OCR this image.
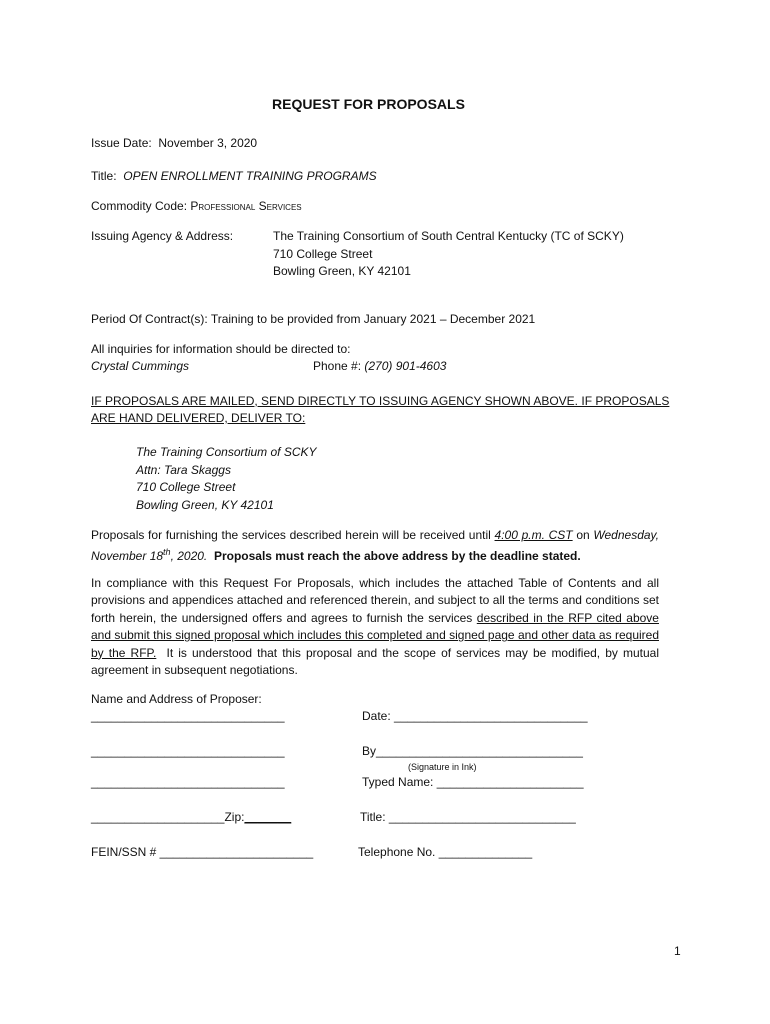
REQUEST FOR PROPOSALS
Issue Date: November 3, 2020
Title: OPEN ENROLLMENT TRAINING PROGRAMS
Commodity Code: Professional Services
Issuing Agency & Address:	The Training Consortium of South Central Kentucky (TC of SCKY)
710 College Street
Bowling Green, KY 42101
Period Of Contract(s): Training to be provided from January 2021 – December 2021
All inquiries for information should be directed to:
Crystal Cummings	Phone #: (270) 901-4603
IF PROPOSALS ARE MAILED, SEND DIRECTLY TO ISSUING AGENCY SHOWN ABOVE. IF PROPOSALS
ARE HAND DELIVERED, DELIVER TO:
The Training Consortium of SCKY
Attn: Tara Skaggs
710 College Street
Bowling Green, KY 42101
Proposals for furnishing the services described herein will be received until 4:00 p.m. CST on Wednesday, November 18th, 2020. Proposals must reach the above address by the deadline stated.
In compliance with this Request For Proposals, which includes the attached Table of Contents and all provisions and appendices attached and referenced therein, and subject to all the terms and conditions set forth herein, the undersigned offers and agrees to furnish the services described in the RFP cited above and submit this signed proposal which includes this completed and signed page and other data as required by the RFP. It is understood that this proposal and the scope of services may be modified, by mutual agreement in subsequent negotiations.
Name and Address of Proposer:
_____________________________	Date: _____________________________
_____________________________	By_______________________________
(Signature in Ink)
_____________________________	Typed Name: ______________________
____________________Zip:_______	Title: ____________________________
FEIN/SSN # _______________________	Telephone No. ______________
1
